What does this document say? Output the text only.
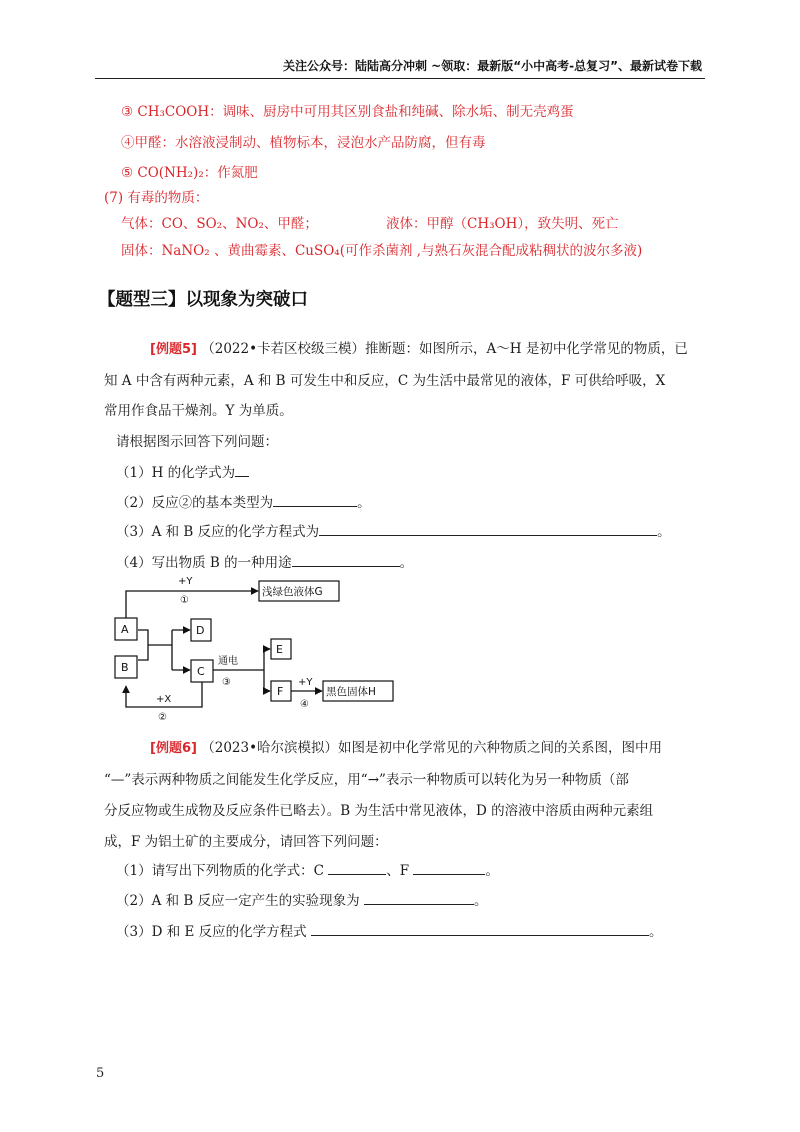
关注公众号：陆陆高分冲刺 ~领取：最新版“小中高考-总复习”、最新试卷下载
③ CH₃COOH：调味、厨房中可用其区别食盐和纯碱、除水垢、制无壳鸡蛋
④甲醛：水溶液浸制动、植物标本，浸泡水产品防腐，但有毒
⑤ CO(NH₂)₂：作氮肥
(7) 有毒的物质：
气体：CO、SO₂、NO₂、甲醛；	液体：甲醇（CH₃OH），致失明、死亡
固体：NaNO₂ 、黄曲霉素、CuSO₄(可作杀菌剂 ,与熟石灰混合配成粘稠状的波尔多液)
【题型三】以现象为突破口
[例题5] （2022•卡若区校级三模）推断题：如图所示，A～H 是初中化学常见的物质，已
知 A 中含有两种元素，A 和 B 可发生中和反应，C 为生活中最常见的液体，F 可供给呼吸，X
常用作食品干燥剂。Y 为单质。
请根据图示回答下列问题：
（1）H 的化学式为
（2）反应②的基本类型为	。
（3）A 和 B 反应的化学方程式为	。
（4）写出物质 B 的一种用途	。
A
B
D
C
E
F
浅绿色液体G
黑色固体H
+Y
①
通电
③	+Y
④
+X
②
[例题6] （2023•哈尔滨模拟）如图是初中化学常见的六种物质之间的关系图，图中用
“—”表示两种物质之间能发生化学反应，用“→”表示一种物质可以转化为另一种物质（部
分反应物或生成物及反应条件已略去）。B 为生活中常见液体，D 的溶液中溶质由两种元素组
成，F 为铝土矿的主要成分，请回答下列问题：
（1）请写出下列物质的化学式：C	、F	。
（2）A 和 B 反应一定产生的实验现象为	。
（3）D 和 E 反应的化学方程式	。
5
